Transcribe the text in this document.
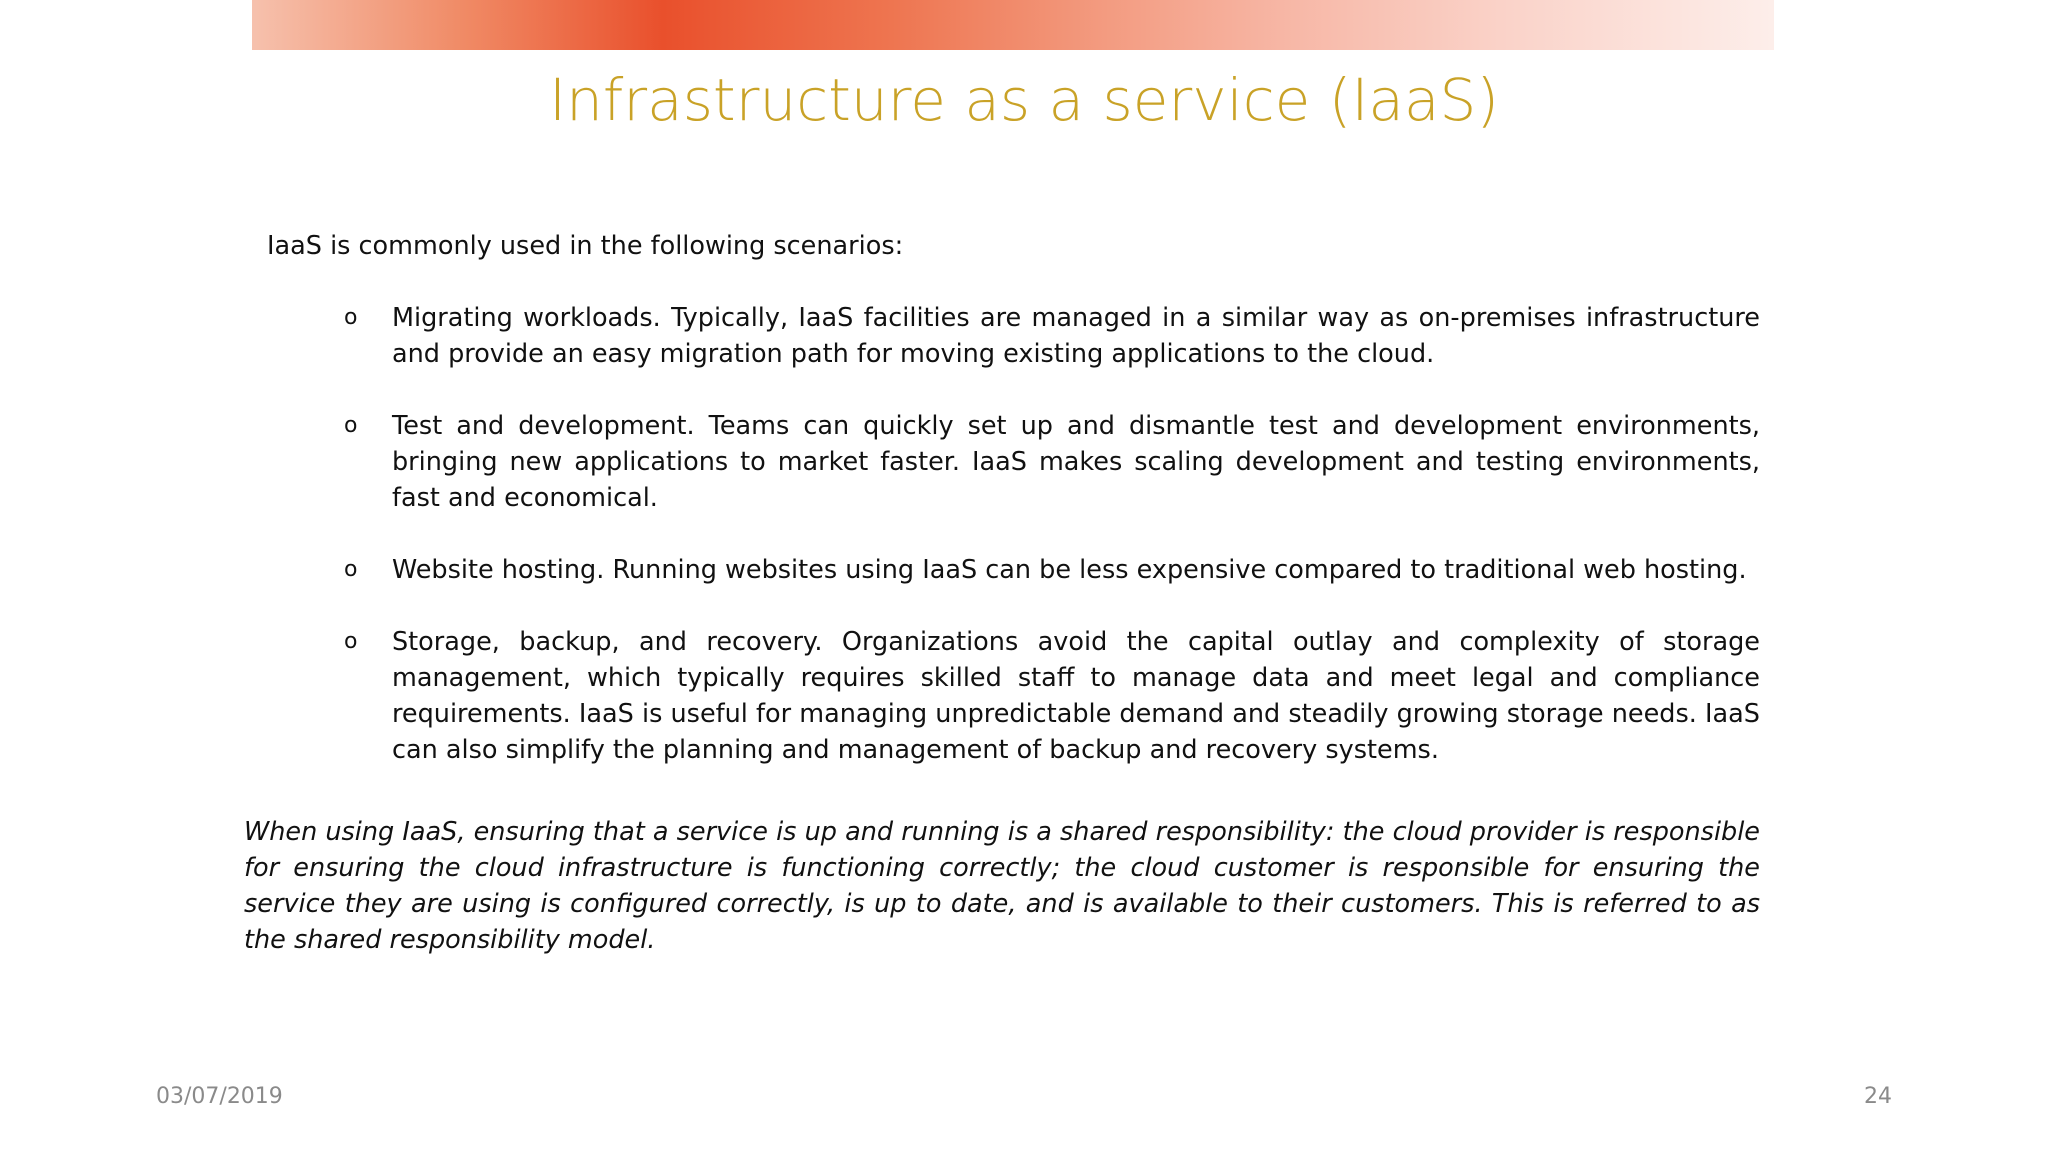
Infrastructure as a service (IaaS)
IaaS is commonly used in the following scenarios:
o Migrating workloads. Typically, IaaS facilities are managed in a similar way as on-premises infrastructure and provide an easy migration path for moving existing applications to the cloud.
o Test and development. Teams can quickly set up and dismantle test and development environments, bringing new applications to market faster. IaaS makes scaling development and testing environments, fast and economical.
o Website hosting. Running websites using IaaS can be less expensive compared to traditional web hosting.
o Storage, backup, and recovery. Organizations avoid the capital outlay and complexity of storage management, which typically requires skilled staff to manage data and meet legal and compliance requirements. IaaS is useful for managing unpredictable demand and steadily growing storage needs. IaaS can also simplify the planning and management of backup and recovery systems.
When using IaaS, ensuring that a service is up and running is a shared responsibility: the cloud provider is responsible for ensuring the cloud infrastructure is functioning correctly; the cloud customer is responsible for ensuring the service they are using is configured correctly, is up to date, and is available to their customers. This is referred to as the shared responsibility model.
03/07/2019	24
